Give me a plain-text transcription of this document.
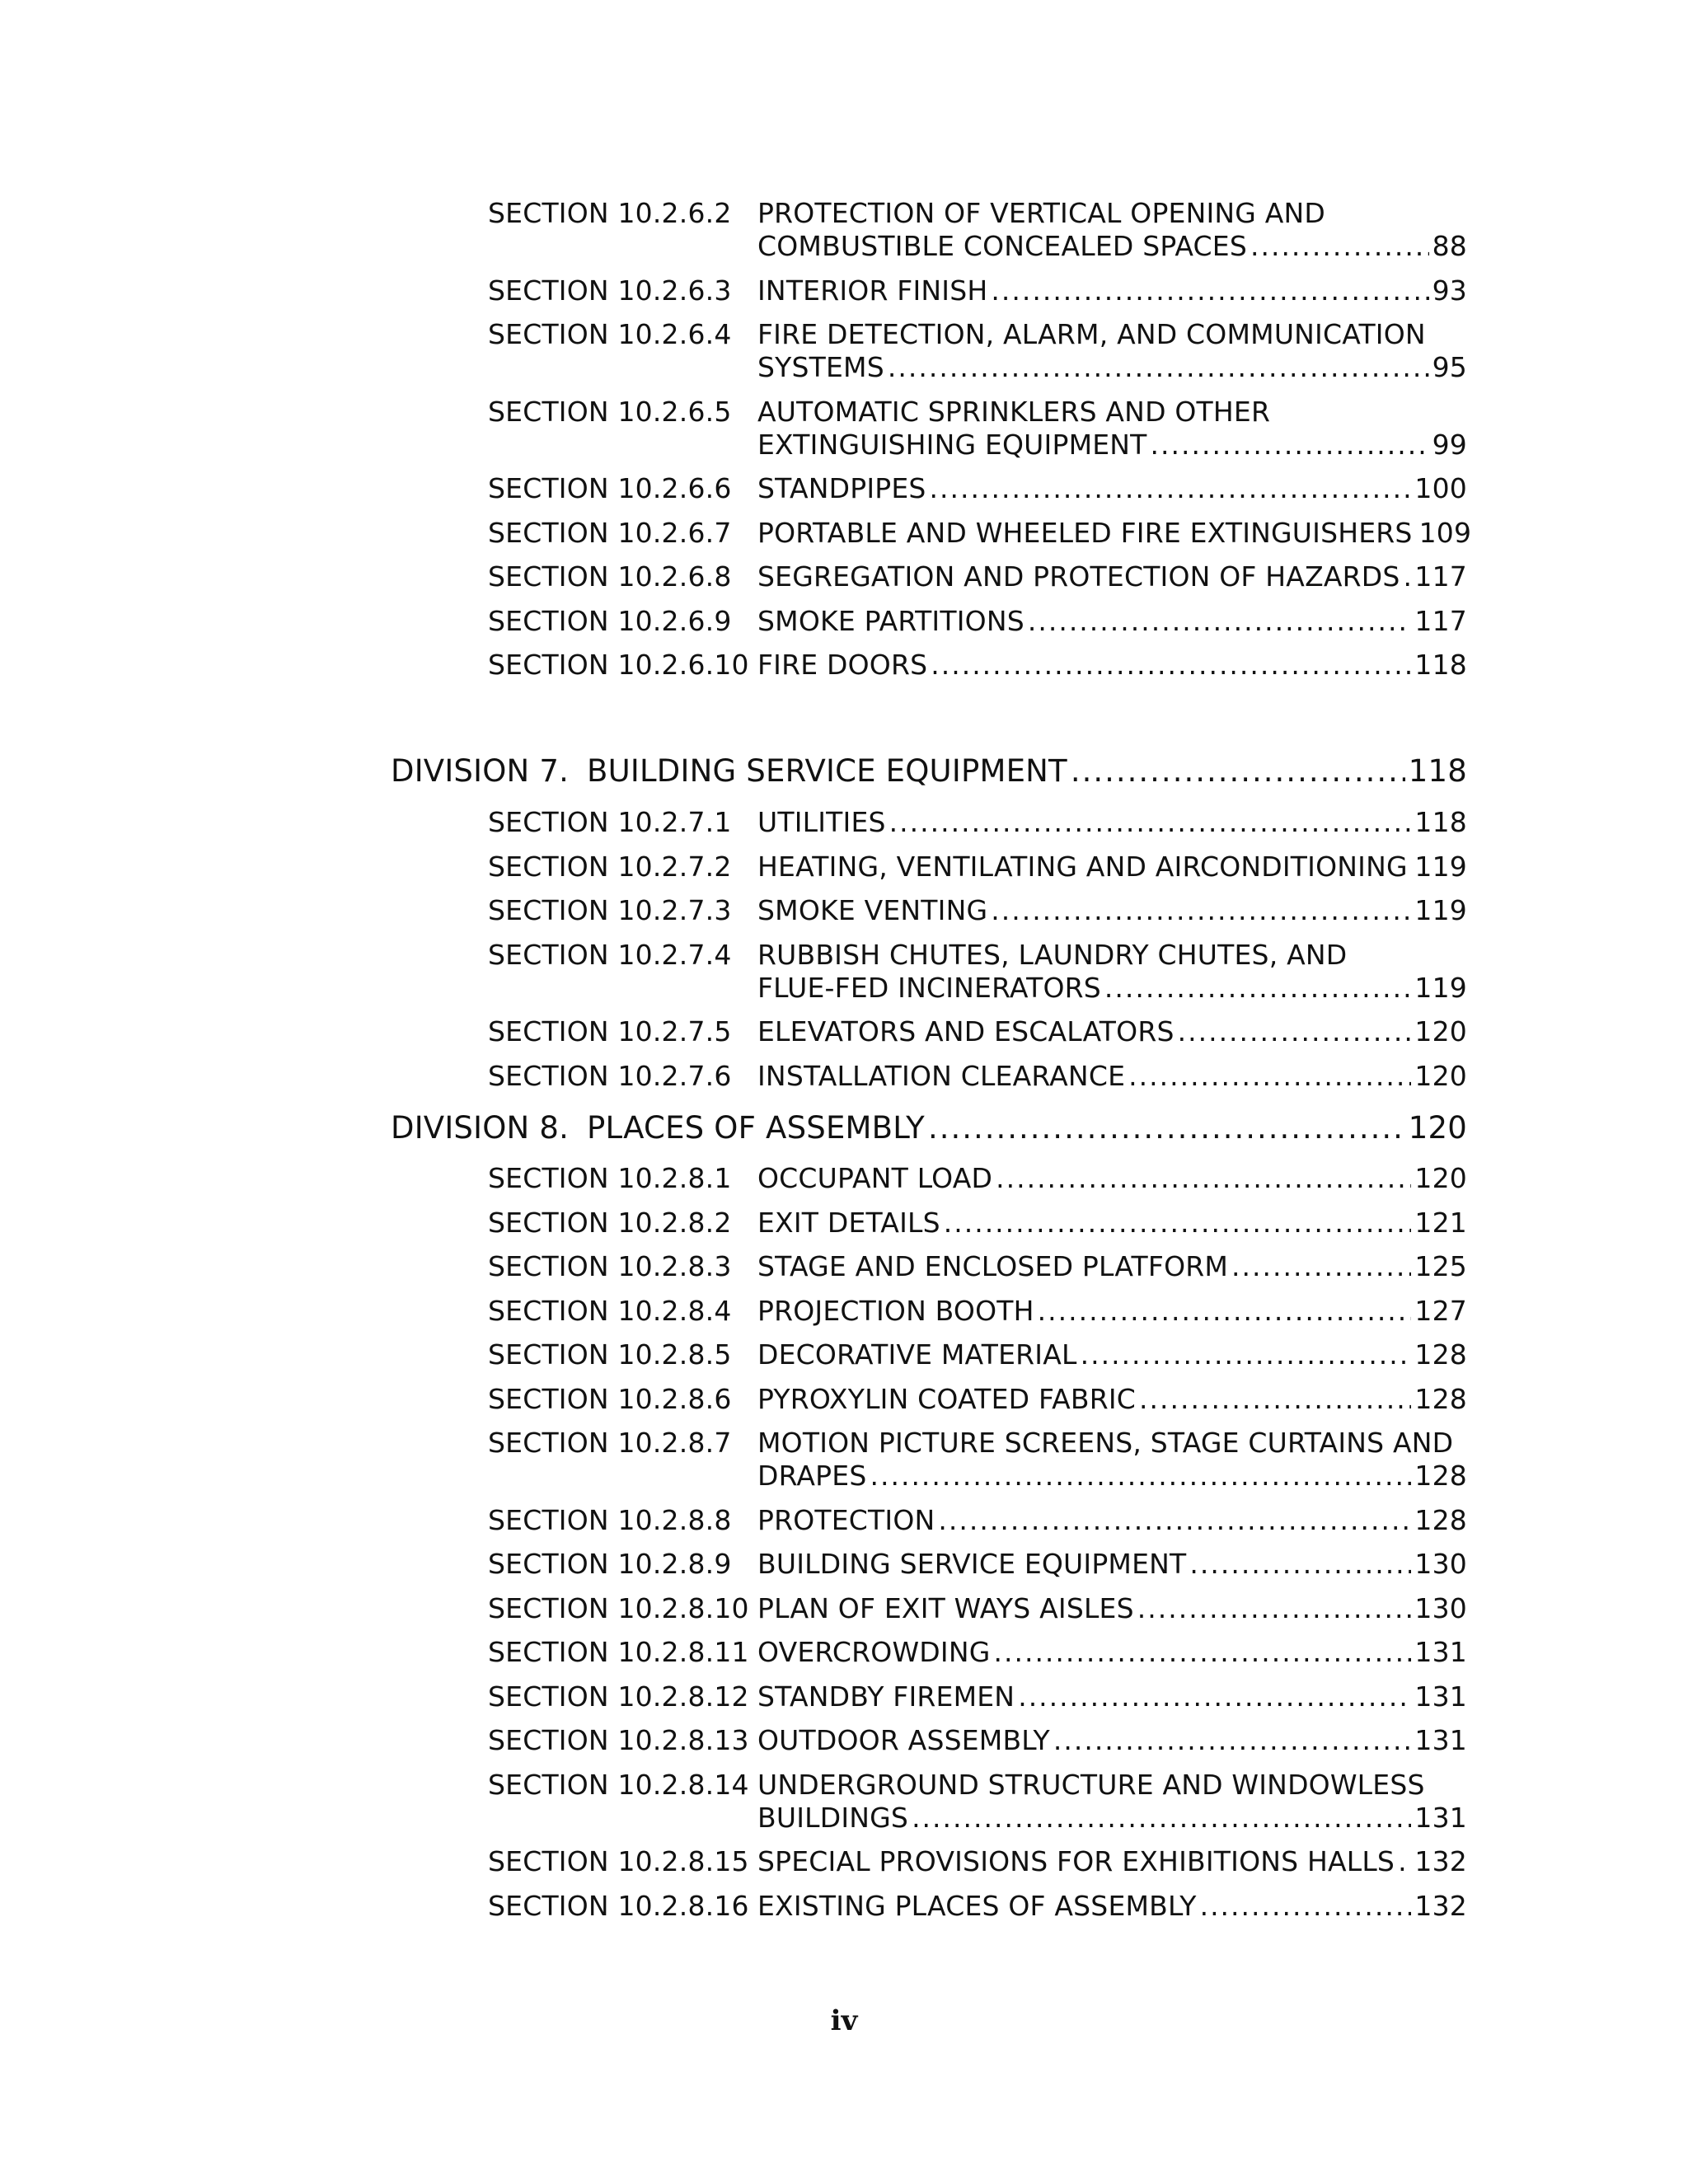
SECTION 10.2.6.2 PROTECTION OF VERTICAL OPENING AND
COMBUSTIBLE CONCEALED SPACES .....	88
SECTION 10.2.6.3 INTERIOR FINISH .....	93
SECTION 10.2.6.4 FIRE DETECTION, ALARM, AND COMMUNICATION
SYSTEMS .....	95
SECTION 10.2.6.5 AUTOMATIC SPRINKLERS AND OTHER
EXTINGUISHING EQUIPMENT .....	99
SECTION 10.2.6.6 STANDPIPES .....	100
SECTION 10.2.6.7 PORTABLE AND WHEELED FIRE EXTINGUISHERS 109
SECTION 10.2.6.8 SEGREGATION AND PROTECTION OF HAZARDS ..... 117
SECTION 10.2.6.9 SMOKE PARTITIONS .....	117
SECTION 10.2.6.10 FIRE DOORS .....	118
DIVISION 7. BUILDING SERVICE EQUIPMENT .....	118
SECTION 10.2.7.1 UTILITIES .....	118
SECTION 10.2.7.2 HEATING, VENTILATING AND AIRCONDITIONING ..... 119
SECTION 10.2.7.3 SMOKE VENTING .....	119
SECTION 10.2.7.4 RUBBISH CHUTES, LAUNDRY CHUTES, AND
FLUE-FED INCINERATORS .....	119
SECTION 10.2.7.5 ELEVATORS AND ESCALATORS .....	120
SECTION 10.2.7.6 INSTALLATION CLEARANCE .....	120
DIVISION 8. PLACES OF ASSEMBLY .....	120
SECTION 10.2.8.1 OCCUPANT LOAD .....	120
SECTION 10.2.8.2 EXIT DETAILS .....	121
SECTION 10.2.8.3 STAGE AND ENCLOSED PLATFORM .....	125
SECTION 10.2.8.4 PROJECTION BOOTH .....	127
SECTION 10.2.8.5 DECORATIVE MATERIAL .....	128
SECTION 10.2.8.6 PYROXYLIN COATED FABRIC .....	128
SECTION 10.2.8.7 MOTION PICTURE SCREENS, STAGE CURTAINS AND
DRAPES .....	128
SECTION 10.2.8.8 PROTECTION .....	128
SECTION 10.2.8.9 BUILDING SERVICE EQUIPMENT .....	130
SECTION 10.2.8.10 PLAN OF EXIT WAYS AISLES .....	130
SECTION 10.2.8.11 OVERCROWDING .....	131
SECTION 10.2.8.12 STANDBY FIREMEN .....	131
SECTION 10.2.8.13 OUTDOOR ASSEMBLY .....	131
SECTION 10.2.8.14 UNDERGROUND STRUCTURE AND WINDOWLESS
BUILDINGS .....	131
SECTION 10.2.8.15 SPECIAL PROVISIONS FOR EXHIBITIONS HALLS ..... 132
SECTION 10.2.8.16 EXISTING PLACES OF ASSEMBLY .....	132
iv
